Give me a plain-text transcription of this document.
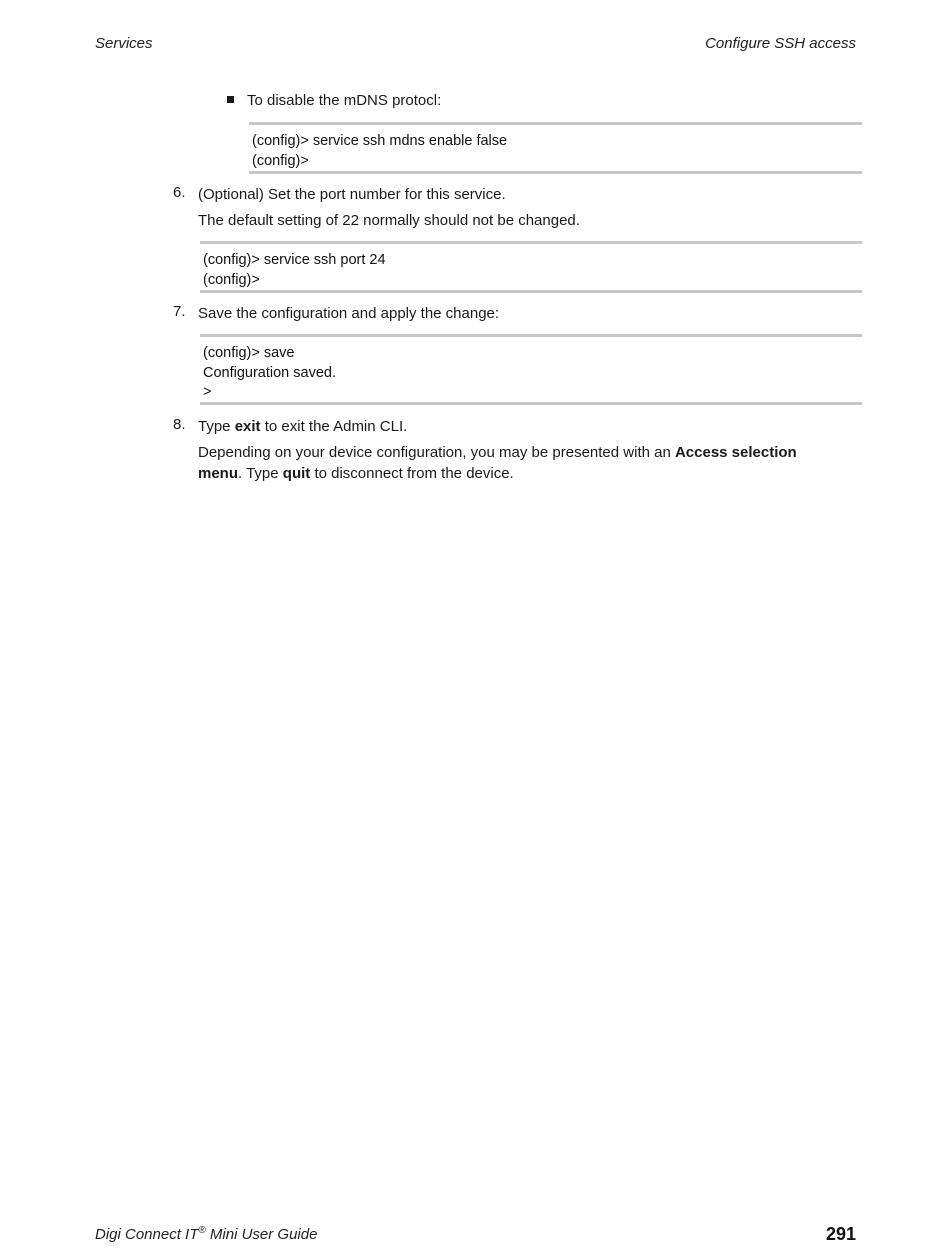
Services	Configure SSH access
To disable the mDNS protocl:
(config)> service ssh mdns enable false
(config)>
6. (Optional) Set the port number for this service.
The default setting of 22 normally should not be changed.
(config)> service ssh port 24
(config)>
7. Save the configuration and apply the change:
(config)> save
Configuration saved.
>
8. Type exit to exit the Admin CLI.
Depending on your device configuration, you may be presented with an Access selection
menu. Type quit to disconnect from the device.
Digi Connect IT® Mini User Guide	291
